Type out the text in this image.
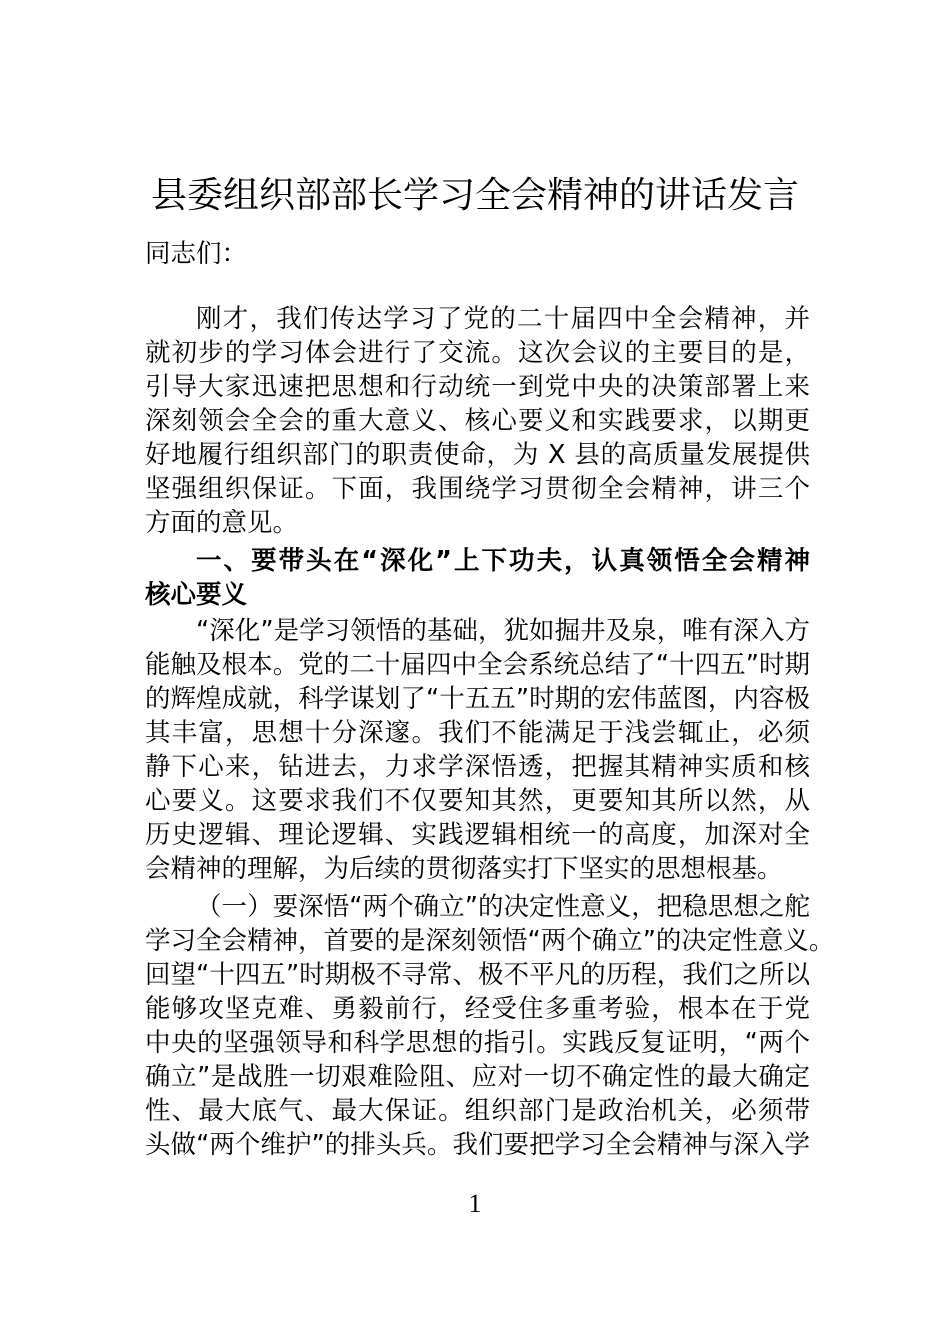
县委组织部部长学习全会精神的讲话发言
同志们：
刚才，我们传达学习了党的二十届四中全会精神，并
就初步的学习体会进行了交流。这次会议的主要目的是，
引导大家迅速把思想和行动统一到党中央的决策部署上来
深刻领会全会的重大意义、核心要义和实践要求，以期更
好地履行组织部门的职责使命，为 X 县的高质量发展提供
坚强组织保证。下面，我围绕学习贯彻全会精神，讲三个
方面的意见。
一、要带头在“深化”上下功夫，认真领悟全会精神
核心要义
“深化”是学习领悟的基础，犹如掘井及泉，唯有深入方
能触及根本。党的二十届四中全会系统总结了“十四五”时期
的辉煌成就，科学谋划了“十五五”时期的宏伟蓝图，内容极
其丰富，思想十分深邃。我们不能满足于浅尝辄止，必须
静下心来，钻进去，力求学深悟透，把握其精神实质和核
心要义。这要求我们不仅要知其然，更要知其所以然，从
历史逻辑、理论逻辑、实践逻辑相统一的高度，加深对全
会精神的理解，为后续的贯彻落实打下坚实的思想根基。
（一）要深悟“两个确立”的决定性意义，把稳思想之舵
学习全会精神，首要的是深刻领悟“两个确立”的决定性意义。
回望“十四五”时期极不寻常、极不平凡的历程，我们之所以
能够攻坚克难、勇毅前行，经受住多重考验，根本在于党
中央的坚强领导和科学思想的指引。实践反复证明，“两个
确立”是战胜一切艰难险阻、应对一切不确定性的最大确定
性、最大底气、最大保证。组织部门是政治机关，必须带
头做“两个维护”的排头兵。我们要把学习全会精神与深入学
1
